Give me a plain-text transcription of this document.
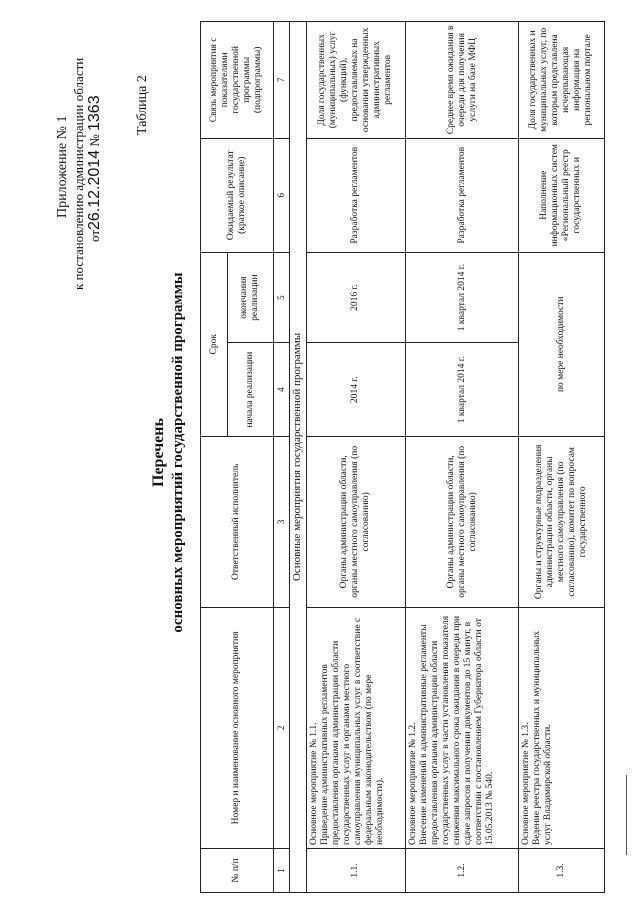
Приложение № 1 к постановлению администрации области от26.12.2014 № 1363 Таблица 2
Перечень основных мероприятий государственной программы
№ п/п	Номер и наименование основного мероприятия	Ответственный исполнитель	Срок		Ожидаемый результат (краткое описание)	Связь мероприятия с показателями государственной программы (подпрограммы)
			начала реализации	окончания реализации		
1	2	3	4	5	6	7
Основные мероприятия государственной программы						
1.1.	Основное мероприятие № 1.1. Приведение административных регламентов предоставления органами администрации области государственных услуг и органами местного самоуправления муниципальных услуг в соответствие с федеральным законодательством (по мере необходимости).	Органы администрации области, органы местного самоуправления (по согласованию)	2014 г.	2016 г.	Разработка регламентов	Доля государственных (муниципальных) услуг (функций), предоставляемых на основании утвержденных административных регламентов
1.2.	Основное мероприятие № 1.2. Внесение изменений в административные регламенты предоставления органами администрации области государственных услуг в части установления показателя снижения максимального срока ожидания в очереди при сдаче запросов и получении документов до 15 минут, в соответствии с постановлением Губернатора области от 15.05.2013 № 540.	Органы администрации области, органы местного самоуправления (по согласованию)	1 квартал 2014 г.	1 квартал 2014 г.	Разработка регламентов	Среднее время ожидания в очереди для получения услуги на базе МФЦ
1.3.	Основное мероприятие № 1.3. Ведение реестра государственных и муниципальных услуг Владимирской области.	Органы и структурные подразделения администрации области, органы местного самоуправления (по согласованию), комитет по вопросам государственного	по мере необходимости		Наполнение информационных систем «Региональный реестр государственных и	Доля государственных и муниципальных услуг, по которым представлена исчерпывающая информация на региональном портале
